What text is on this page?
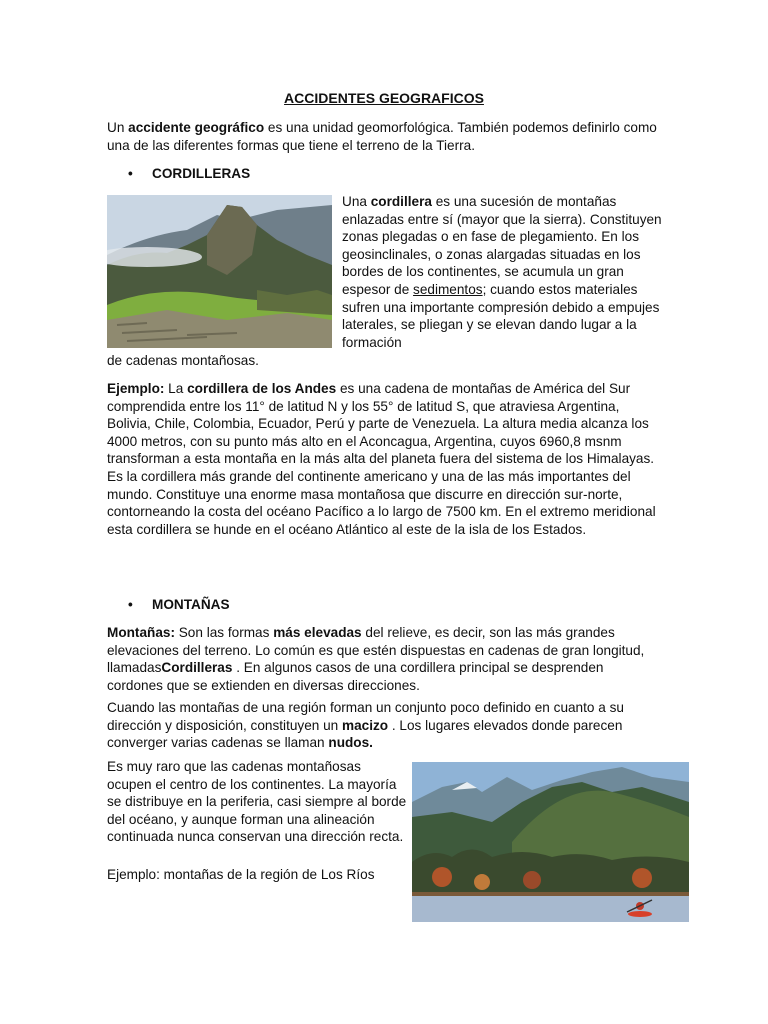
ACCIDENTES GEOGRAFICOS

Un accidente geográfico es una unidad geomorfológica. También podemos definirlo como una de las diferentes formas que tiene el terreno de la Tierra.

• CORDILLERAS

Una cordillera es una sucesión de montañas enlazadas entre sí (mayor que la sierra). Constituyen zonas plegadas o en fase de plegamiento. En los geosinclinales, o zonas alargadas situadas en los bordes de los continentes, se acumula un gran espesor de sedimentos; cuando estos materiales sufren una importante compresión debido a empujes laterales, se pliegan y se elevan dando lugar a la formación

de cadenas montañosas.

Ejemplo: La cordillera de los Andes es una cadena de montañas de América del Sur comprendida entre los 11° de latitud N y los 55° de latitud S, que atraviesa Argentina, Bolivia, Chile, Colombia, Ecuador, Perú y parte de Venezuela. La altura media alcanza los 4000 metros, con su punto más alto en el Aconcagua, Argentina, cuyos 6960,8 msnm transforman a esta montaña en la más alta del planeta fuera del sistema de los Himalayas. Es la cordillera más grande del continente americano y una de las más importantes del mundo. Constituye una enorme masa montañosa que discurre en dirección sur-norte, contorneando la costa del océano Pacífico a lo largo de 7500 km. En el extremo meridional esta cordillera se hunde en el océano Atlántico al este de la isla de los Estados.

• MONTAÑAS

Montañas: Son las formas más elevadas del relieve, es decir, son las más grandes elevaciones del terreno. Lo común es que estén dispuestas en cadenas de gran longitud, llamadasCordilleras . En algunos casos de una cordillera principal se desprenden cordones que se extienden en diversas direcciones.

Cuando las montañas de una región forman un conjunto poco definido en cuanto a su dirección y disposición, constituyen un macizo . Los lugares elevados donde parecen converger varias cadenas se llaman nudos.

Es muy raro que las cadenas montañosas ocupen el centro de los continentes. La mayoría se distribuye en la periferia, casi siempre al borde del océano, y aunque forman una alineación continuada nunca conservan una dirección recta.

Ejemplo: montañas de la región de Los Ríos
